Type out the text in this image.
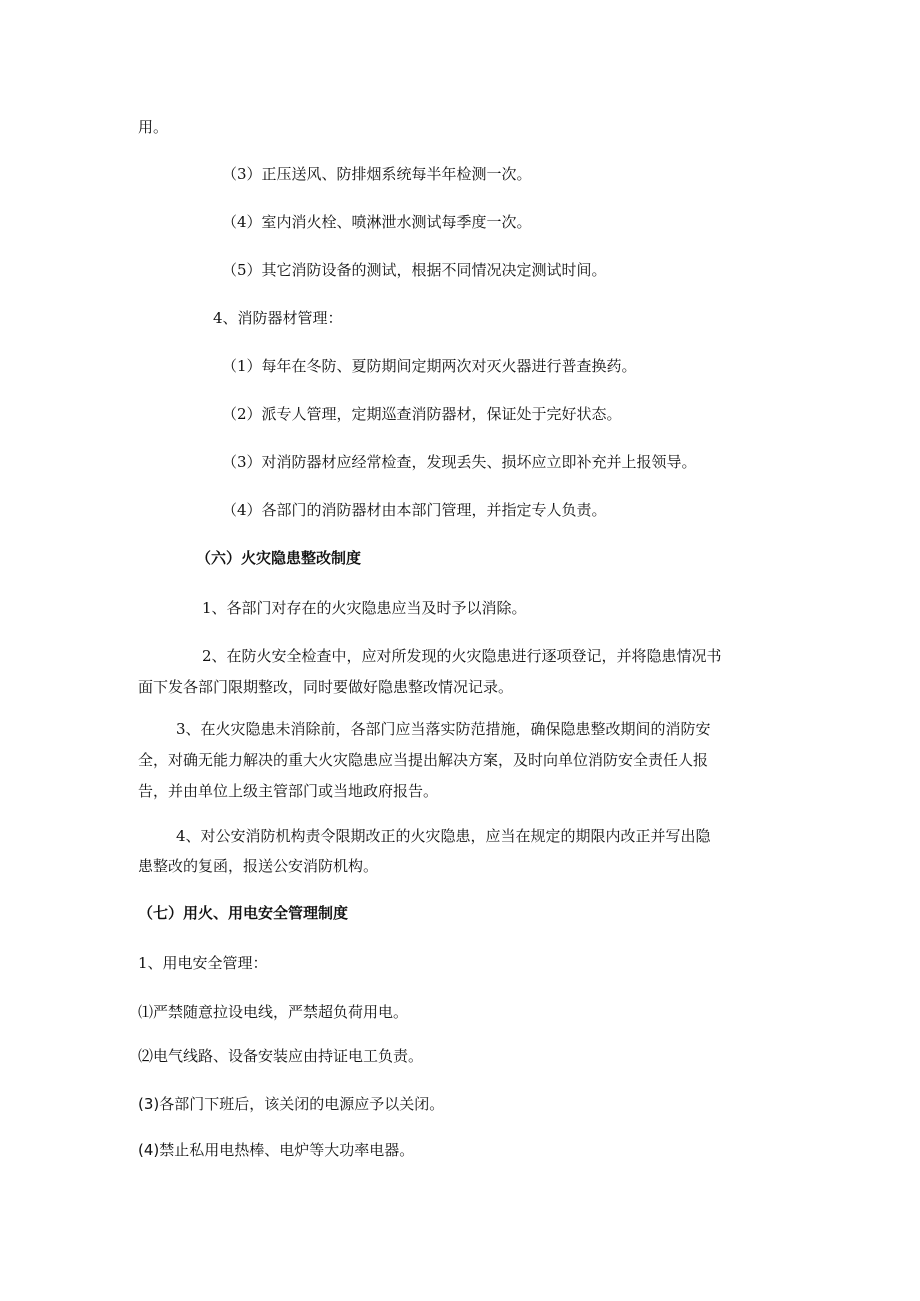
用。

（3）正压送风、防排烟系统每半年检测一次。

（4）室内消火栓、喷淋泄水测试每季度一次。

（5）其它消防设备的测试，根据不同情况决定测试时间。

4、消防器材管理：

（1）每年在冬防、夏防期间定期两次对灭火器进行普查换药。

（2）派专人管理，定期巡查消防器材，保证处于完好状态。

（3）对消防器材应经常检查，发现丢失、损坏应立即补充并上报领导。

（4）各部门的消防器材由本部门管理，并指定专人负责。

（六）火灾隐患整改制度

1、各部门对存在的火灾隐患应当及时予以消除。

2、在防火安全检查中，应对所发现的火灾隐患进行逐项登记，并将隐患情况书

面下发各部门限期整改，同时要做好隐患整改情况记录。

3、在火灾隐患未消除前，各部门应当落实防范措施，确保隐患整改期间的消防安

全，对确无能力解决的重大火灾隐患应当提出解决方案，及时向单位消防安全责任人报

告，并由单位上级主管部门或当地政府报告。

4、对公安消防机构责令限期改正的火灾隐患，应当在规定的期限内改正并写出隐

患整改的复函，报送公安消防机构。

（七）用火、用电安全管理制度

1、用电安全管理：

⑴严禁随意拉设电线，严禁超负荷用电。

⑵电气线路、设备安装应由持证电工负责。

(3)各部门下班后，该关闭的电源应予以关闭。

(4)禁止私用电热棒、电炉等大功率电器。
